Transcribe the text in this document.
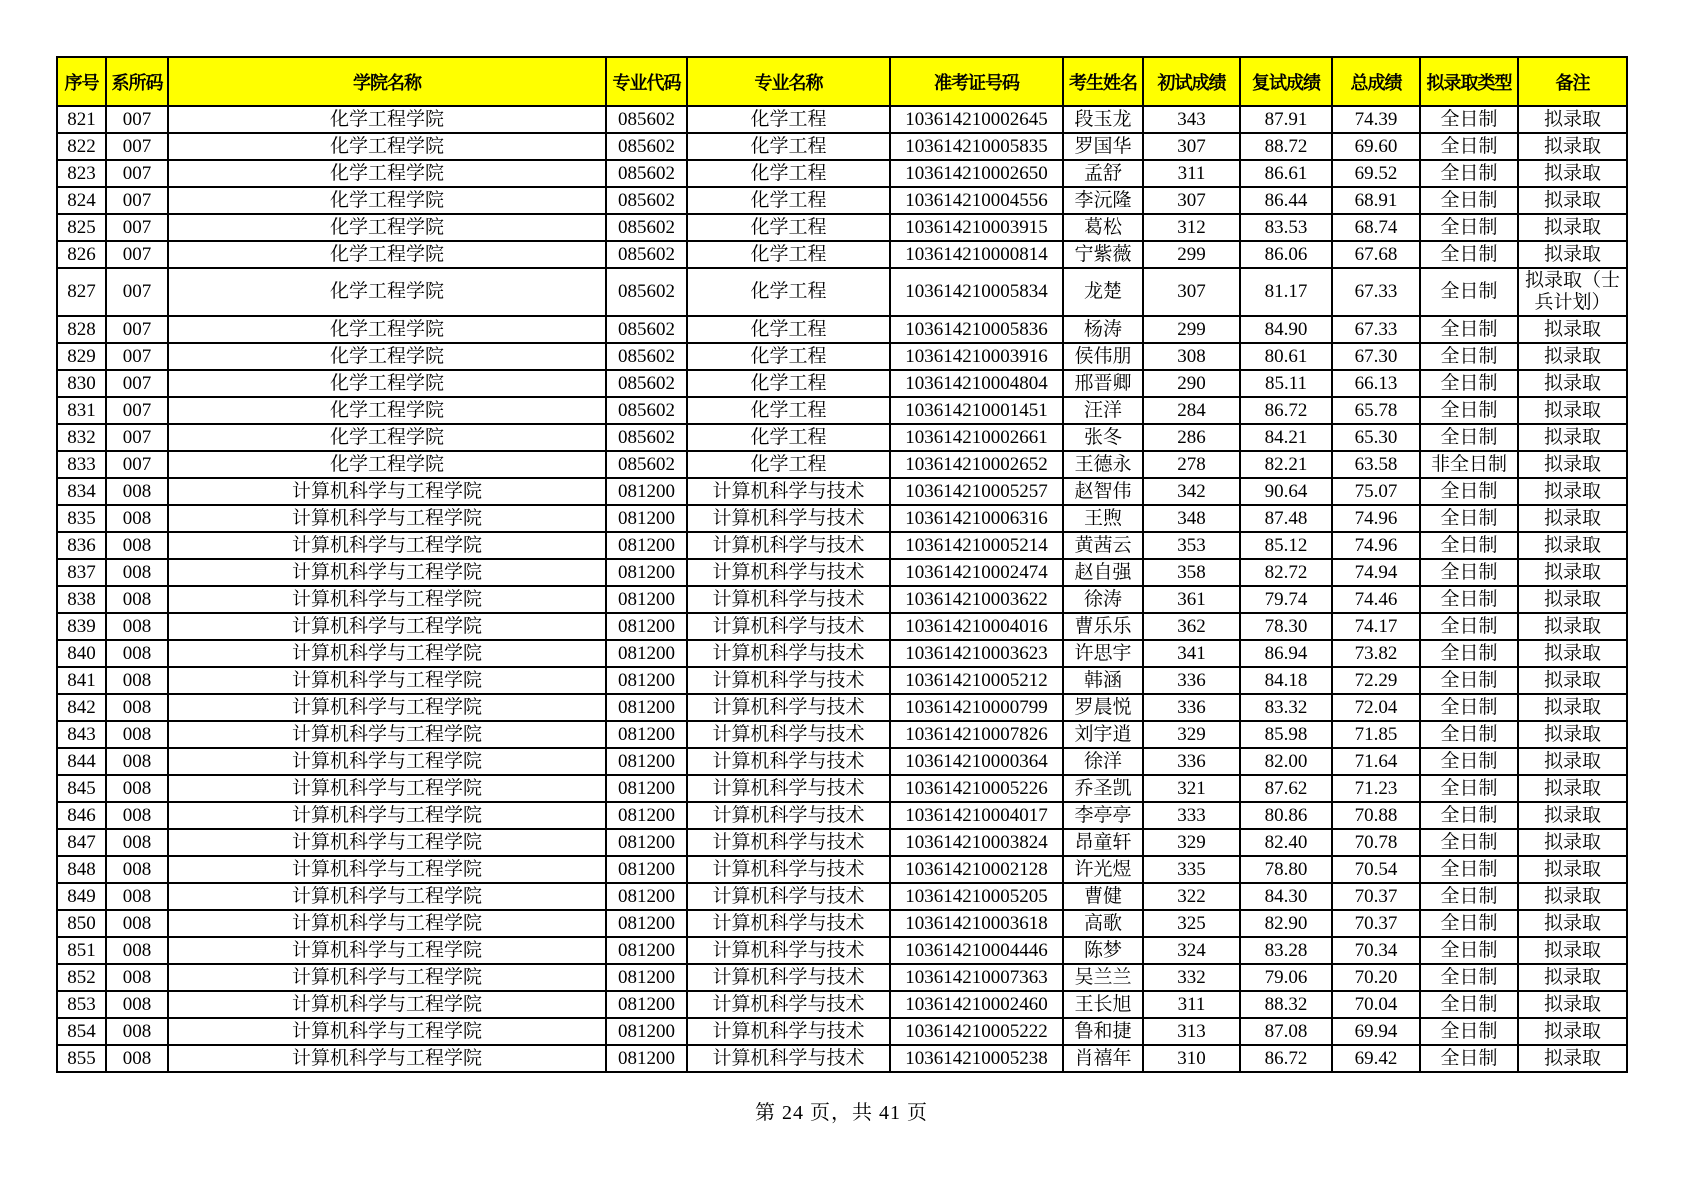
序号	系所码	学院名称	专业代码	专业名称	准考证号码	考生姓名	初试成绩	复试成绩	总成绩	拟录取类型	备注
821	007	化学工程学院	085602	化学工程	103614210002645	段玉龙	343	87.91	74.39	全日制	拟录取
822	007	化学工程学院	085602	化学工程	103614210005835	罗国华	307	88.72	69.60	全日制	拟录取
823	007	化学工程学院	085602	化学工程	103614210002650	孟舒	311	86.61	69.52	全日制	拟录取
824	007	化学工程学院	085602	化学工程	103614210004556	李沅隆	307	86.44	68.91	全日制	拟录取
825	007	化学工程学院	085602	化学工程	103614210003915	葛松	312	83.53	68.74	全日制	拟录取
826	007	化学工程学院	085602	化学工程	103614210000814	宁紫薇	299	86.06	67.68	全日制	拟录取
827	007	化学工程学院	085602	化学工程	103614210005834	龙楚	307	81.17	67.33	全日制	拟录取（士兵计划）
828	007	化学工程学院	085602	化学工程	103614210005836	杨涛	299	84.90	67.33	全日制	拟录取
829	007	化学工程学院	085602	化学工程	103614210003916	侯伟朋	308	80.61	67.30	全日制	拟录取
830	007	化学工程学院	085602	化学工程	103614210004804	邢晋卿	290	85.11	66.13	全日制	拟录取
831	007	化学工程学院	085602	化学工程	103614210001451	汪洋	284	86.72	65.78	全日制	拟录取
832	007	化学工程学院	085602	化学工程	103614210002661	张冬	286	84.21	65.30	全日制	拟录取
833	007	化学工程学院	085602	化学工程	103614210002652	王德永	278	82.21	63.58	非全日制	拟录取
834	008	计算机科学与工程学院	081200	计算机科学与技术	103614210005257	赵智伟	342	90.64	75.07	全日制	拟录取
835	008	计算机科学与工程学院	081200	计算机科学与技术	103614210006316	王煦	348	87.48	74.96	全日制	拟录取
836	008	计算机科学与工程学院	081200	计算机科学与技术	103614210005214	黄茜云	353	85.12	74.96	全日制	拟录取
837	008	计算机科学与工程学院	081200	计算机科学与技术	103614210002474	赵自强	358	82.72	74.94	全日制	拟录取
838	008	计算机科学与工程学院	081200	计算机科学与技术	103614210003622	徐涛	361	79.74	74.46	全日制	拟录取
839	008	计算机科学与工程学院	081200	计算机科学与技术	103614210004016	曹乐乐	362	78.30	74.17	全日制	拟录取
840	008	计算机科学与工程学院	081200	计算机科学与技术	103614210003623	许思宇	341	86.94	73.82	全日制	拟录取
841	008	计算机科学与工程学院	081200	计算机科学与技术	103614210005212	韩涵	336	84.18	72.29	全日制	拟录取
842	008	计算机科学与工程学院	081200	计算机科学与技术	103614210000799	罗晨悦	336	83.32	72.04	全日制	拟录取
843	008	计算机科学与工程学院	081200	计算机科学与技术	103614210007826	刘宇逍	329	85.98	71.85	全日制	拟录取
844	008	计算机科学与工程学院	081200	计算机科学与技术	103614210000364	徐洋	336	82.00	71.64	全日制	拟录取
845	008	计算机科学与工程学院	081200	计算机科学与技术	103614210005226	乔圣凯	321	87.62	71.23	全日制	拟录取
846	008	计算机科学与工程学院	081200	计算机科学与技术	103614210004017	李亭亭	333	80.86	70.88	全日制	拟录取
847	008	计算机科学与工程学院	081200	计算机科学与技术	103614210003824	昂童轩	329	82.40	70.78	全日制	拟录取
848	008	计算机科学与工程学院	081200	计算机科学与技术	103614210002128	许光煜	335	78.80	70.54	全日制	拟录取
849	008	计算机科学与工程学院	081200	计算机科学与技术	103614210005205	曹健	322	84.30	70.37	全日制	拟录取
850	008	计算机科学与工程学院	081200	计算机科学与技术	103614210003618	高歌	325	82.90	70.37	全日制	拟录取
851	008	计算机科学与工程学院	081200	计算机科学与技术	103614210004446	陈梦	324	83.28	70.34	全日制	拟录取
852	008	计算机科学与工程学院	081200	计算机科学与技术	103614210007363	吴兰兰	332	79.06	70.20	全日制	拟录取
853	008	计算机科学与工程学院	081200	计算机科学与技术	103614210002460	王长旭	311	88.32	70.04	全日制	拟录取
854	008	计算机科学与工程学院	081200	计算机科学与技术	103614210005222	鲁和捷	313	87.08	69.94	全日制	拟录取
855	008	计算机科学与工程学院	081200	计算机科学与技术	103614210005238	肖禧年	310	86.72	69.42	全日制	拟录取
第 24 页，共 41 页
